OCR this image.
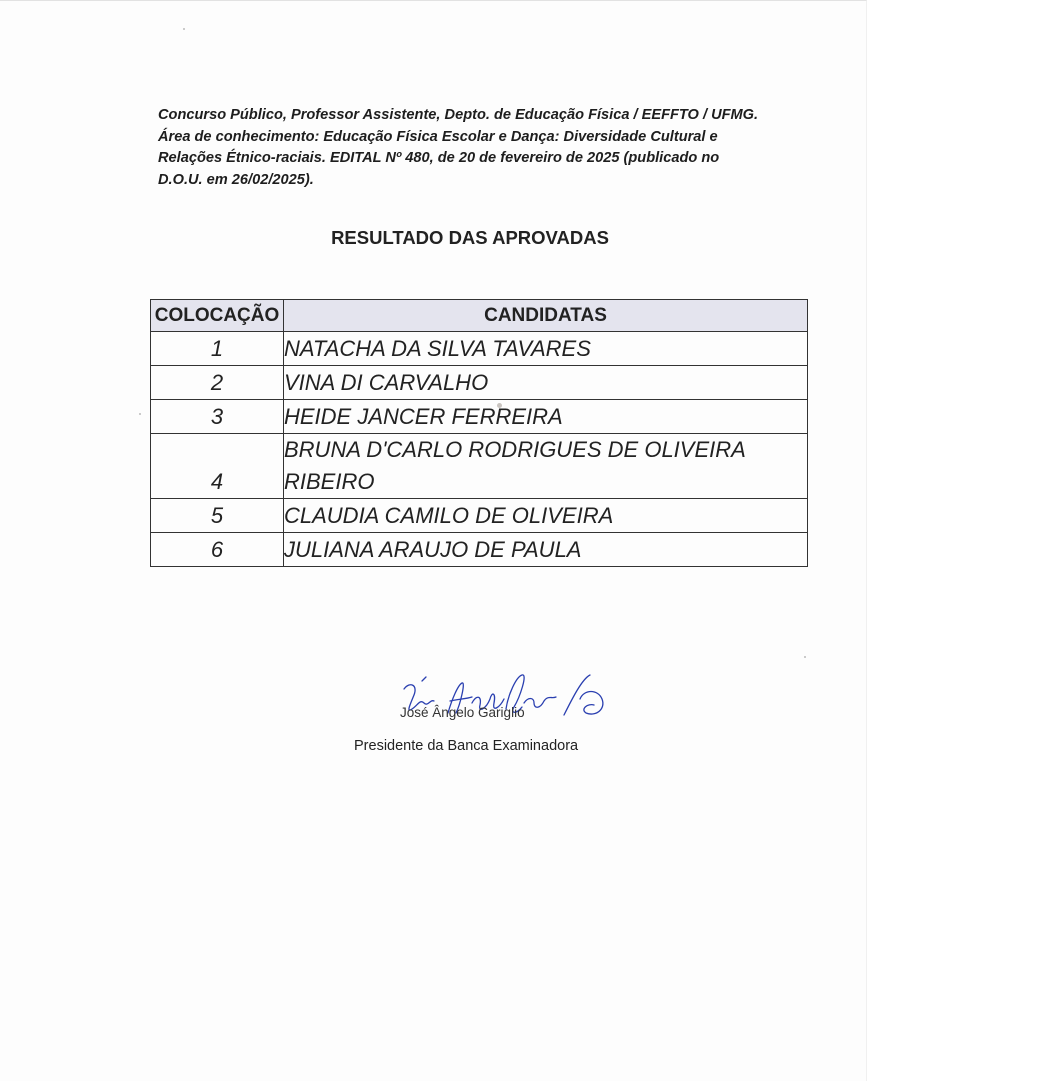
Concurso Público, Professor Assistente, Depto. de Educação Física / EEFFTO / UFMG.

Área de conhecimento: Educação Física Escolar e Dança: Diversidade Cultural e

Relações Étnico-raciais. EDITAL Nº 480, de 20 de fevereiro de 2025 (publicado no

D.O.U. em 26/02/2025).

RESULTADO DAS APROVADAS
COLOCAÇÃO	CANDIDATAS
1	NATACHA DA SILVA TAVARES
2	VINA DI CARVALHO
3	HEIDE JANCER FERREIRA
4	BRUNA D'CARLO RODRIGUES DE OLIVEIRA RIBEIRO
5	CLAUDIA CAMILO DE OLIVEIRA
6	JULIANA ARAUJO DE PAULA
José Ângelo Gariglio
Presidente da Banca Examinadora
